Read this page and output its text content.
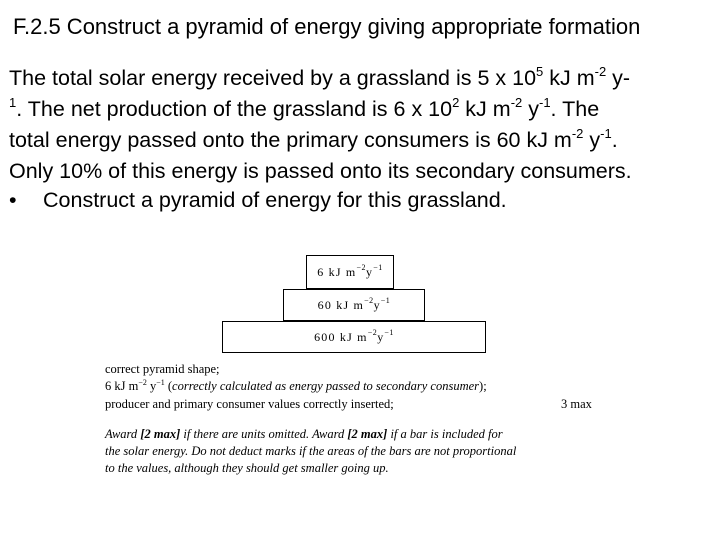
F.2.5 Construct a pyramid of energy giving appropriate formation
The total solar energy received by a grassland is 5 x $10^5$ kJ $m^{-2}$ y-
$^1$. The net production of the grassland is 6 x $10^2$ kJ $m^{-2}$ $y^{-1}$. The
total energy passed onto the primary consumers is 60 kJ $m^{-2}$ $y^{-1}$.
Only 10% of this energy is passed onto its secondary consumers.
• Construct a pyramid of energy for this grassland.
6 kJ $m^{-2}$ $y^{-1}$
60 kJ $m^{-2}$ $y^{-1}$
600 kJ $m^{-2}$ $y^{-1}$
correct pyramid shape;
6 kJ $m^{-2}$ $y^{-1}$ (correctly calculated as energy passed to secondary consumer);
producer and primary consumer values correctly inserted;	3 max
Award [2 max] if there are units omitted. Award [2 max] if a bar is included for
the solar energy. Do not deduct marks if the areas of the bars are not proportional
to the values, although they should get smaller going up.
